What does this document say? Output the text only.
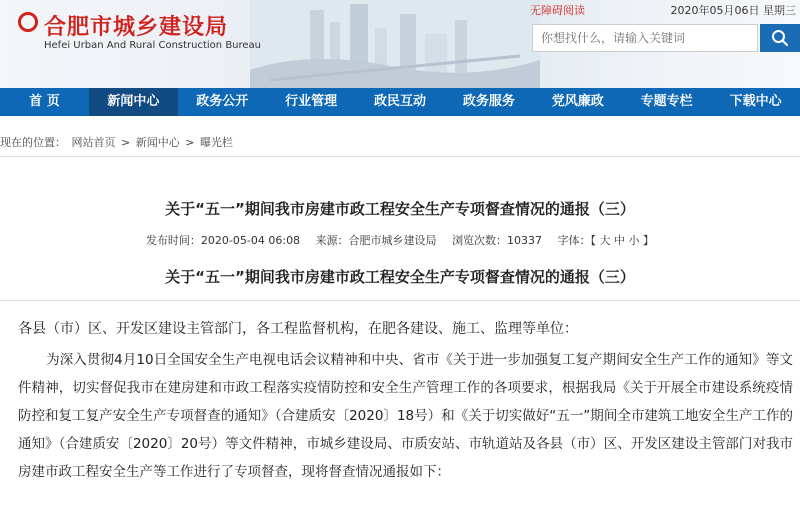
合肥市城乡建设局
Hefei Urban And Rural Construction Bureau
无障碍阅读	2020年05月06日 星期三
你想找什么，请输入关键词
首 页	新闻中心	政务公开	行业管理	政民互动	政务服务	党风廉政	专题专栏	下载中心
现在的位置： 网站首页 > 新闻中心 > 曝光栏
关于“五一”期间我市房建市政工程安全生产专项督查情况的通报（三）
发布时间：2020-05-04 06:08 来源：合肥市城乡建设局 浏览次数：10337 字体：【 大 中 小 】
关于“五一”期间我市房建市政工程安全生产专项督查情况的通报（三）
各县（市）区、开发区建设主管部门，各工程监督机构，在肥各建设、施工、监理等单位：
为深入贯彻4月10日全国安全生产电视电话会议精神和中央、省市《关于进一步加强复工复产期间安全生产工作的通知》等文件精神，切实督促我市在建房建和市政工程落实疫情防控和安全生产管理工作的各项要求，根据我局《关于开展全市建设系统疫情防控和复工复产安全生产专项督查的通知》（合建质安〔2020〕18号）和《关于切实做好“五一”期间全市建筑工地安全生产工作的通知》（合建质安〔2020〕20号）等文件精神，市城乡建设局、市质安站、市轨道站及各县（市）区、开发区建设主管部门对我市房建市政工程安全生产等工作进行了专项督查，现将督查情况通报如下：
